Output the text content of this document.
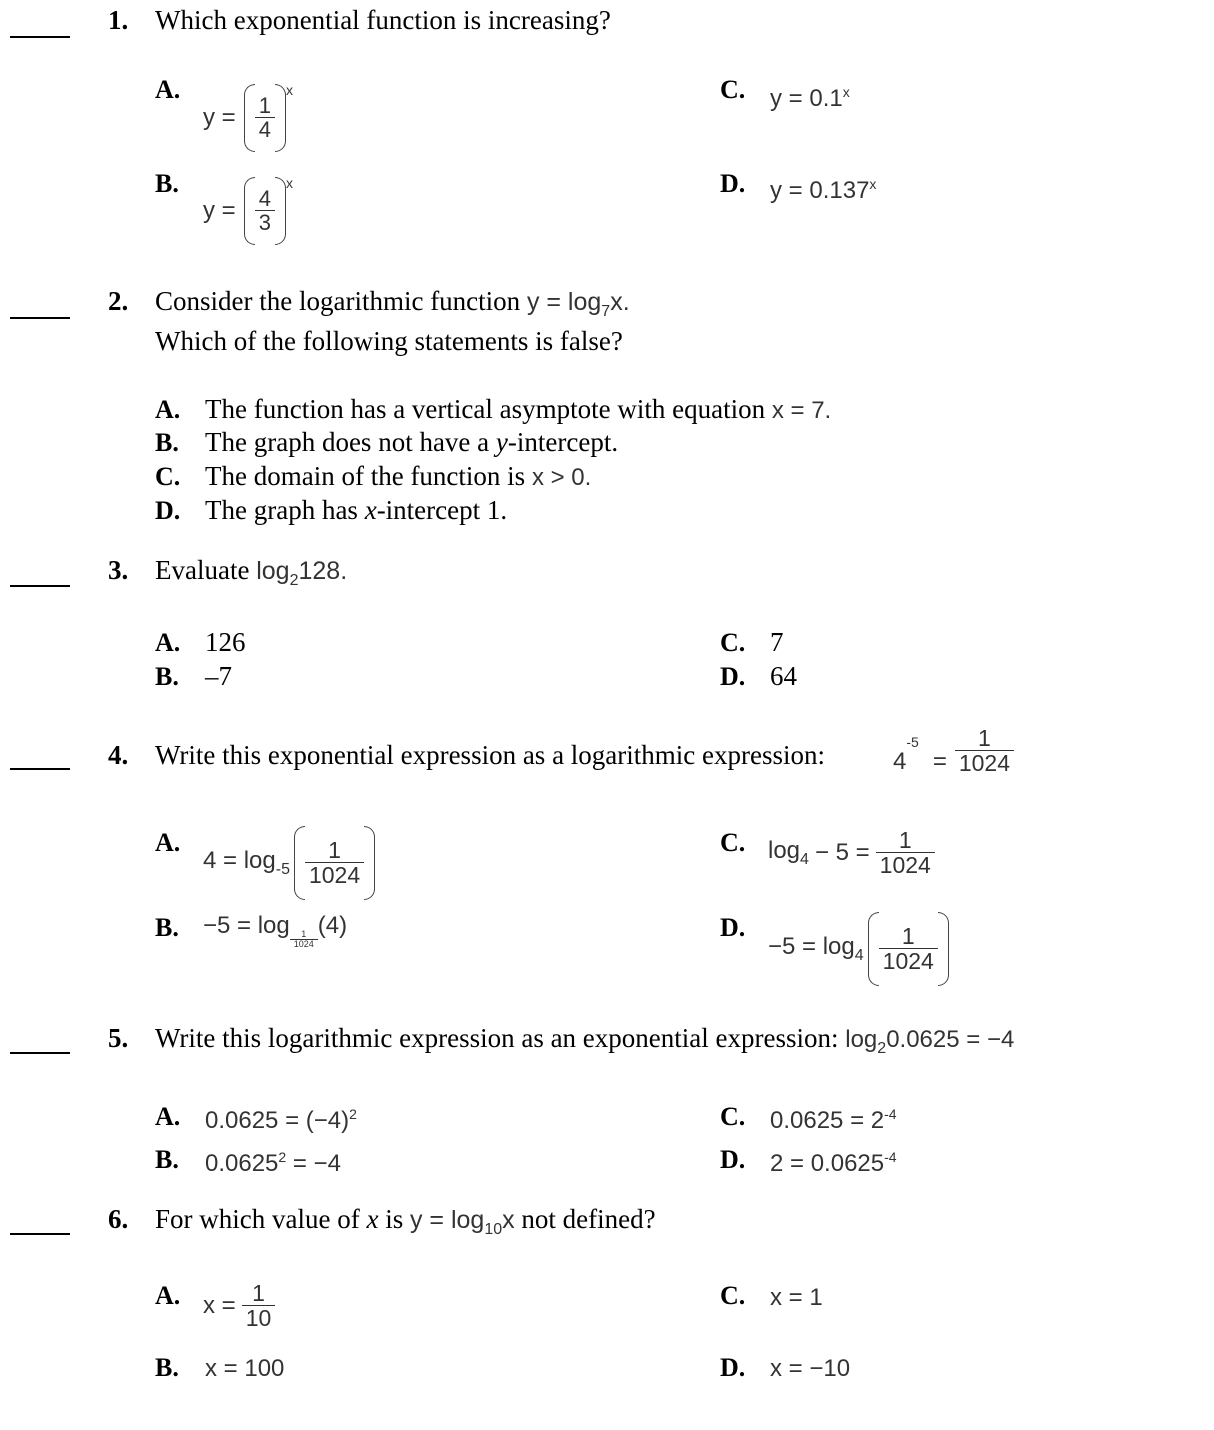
1. Which exponential function is increasing?
A.
$y = \frac{1}{4}$
x
B.
$y = \frac{4}{3}$
x
C. $y = 0.1^x$
D. $y = 0.137^x$
2. Consider the logarithmic function $y = \log_7x$.
Which of the following statements is false?
A. The function has a vertical asymptote with equation x = 7.
B. The graph does not have a y-intercept.
C. The domain of the function is x > 0.
D. The graph has x-intercept 1.
3. Evaluate $\log_2128$.
A. 126
B. –7
C. 7
D. 64
4. Write this exponential expression as a logarithmic expression:	4
-5
= $\frac{1}{1024}$
A.
$4 = \log_{-5} \frac{1}{1024}$
B. −5 = log
$\frac{1}{1024}$
(4)
C. $\log_4 - 5 = \frac{1}{1024}$
D.
$-5 = \log_4 \frac{1}{1024}$
5. Write this logarithmic expression as an exponential expression: $\log_20.0625 = -4$
A. $0.0625 = (-4)^2$
B. $0.0625^2 = -4$
C. $0.0625 = 2^{-4}$
D. $2 = 0.0625^{-4}$
6. For which value of x is $y = \log_{10}x$ not defined?
A. $x = \frac{1}{10}$
B. x = 100
C. x = 1
D. x = −10
